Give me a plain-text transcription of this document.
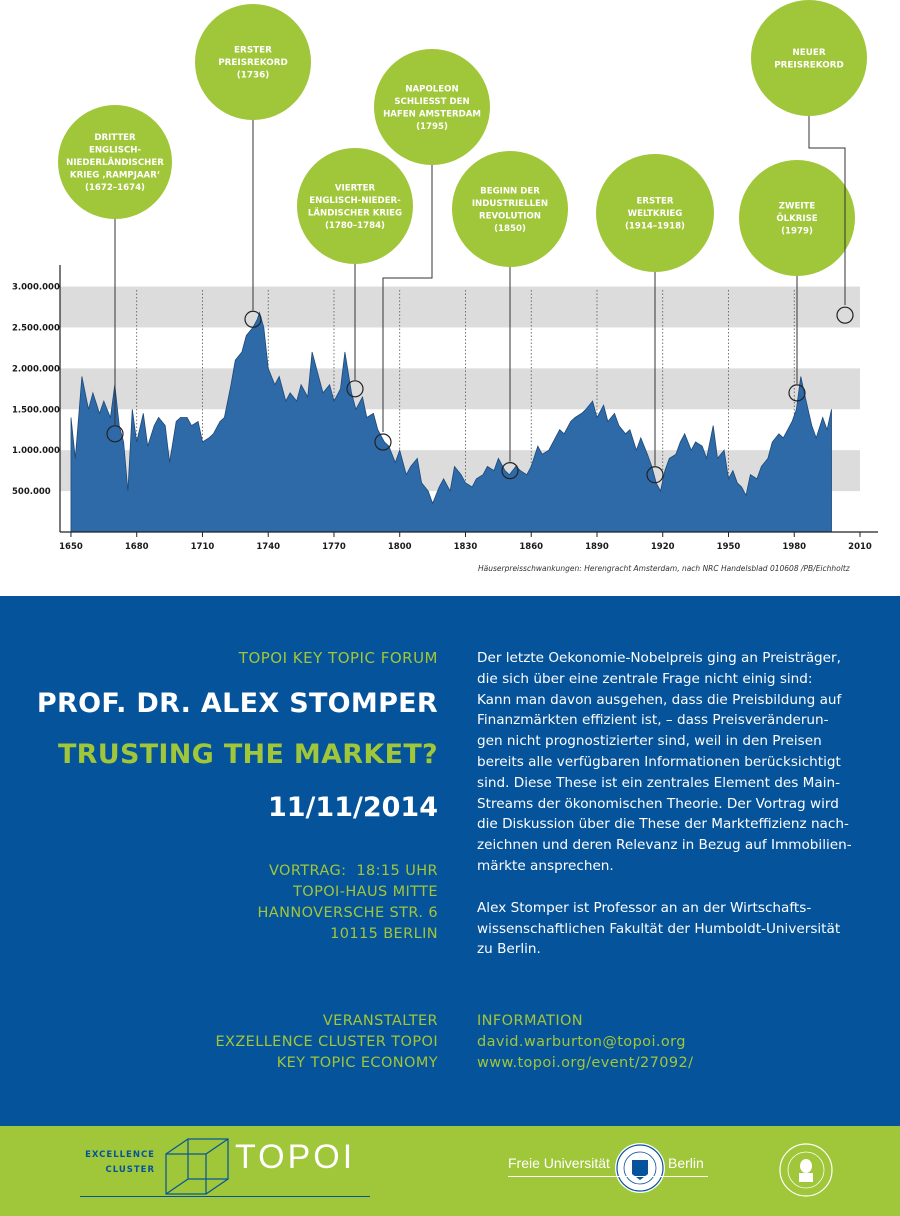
3.000.000
2.500.000
2.000.000
1.500.000
1.000.000
500.000
1650	1680	1710	1740	1770	1800	1830	1860	1890	1920	1950	1980	2010
DRITTER
ENGLISCH-
NIEDERLÄNDISCHER
KRIEG ‚RAMPJAAR‘
(1672–1674)
ERSTER
PREISREKORD
(1736)
VIERTER
ENGLISCH-NIEDER-
LÄNDISCHER KRIEG
(1780–1784)
NAPOLEON
SCHLIESST DEN
HAFEN AMSTERDAM
(1795)
BEGINN DER
INDUSTRIELLEN
REVOLUTION
(1850)
ERSTER
WELTKRIEG
(1914–1918)
ZWEITE
ÖLKRISE
(1979)
NEUER
PREISREKORD
Häuserpreisschwankungen: Herengracht Amsterdam, nach NRC Handelsblad 010608 /PB/Eichholtz
TOPOI KEY TOPIC FORUM
PROF. DR. ALEX STOMPER
TRUSTING THE MARKET?
11/11/2014
VORTRAG:  18:15 UHR
TOPOI-HAUS MITTE
HANNOVERSCHE STR. 6
10115 BERLIN
VERANSTALTER
EXZELLENCE CLUSTER TOPOI
KEY TOPIC ECONOMY

Der letzte Oekonomie-Nobelpreis ging an Preisträger,
die sich über eine zentrale Frage nicht einig sind:
Kann man davon ausgehen, dass die Preisbildung auf
Finanzmärkten effizient ist, – dass Preisveränderun-
gen nicht prognostizierter sind, weil in den Preisen
bereits alle verfügbaren Informationen berücksichtigt
sind. Diese These ist ein zentrales Element des Main-
Streams der ökonomischen Theorie. Der Vortrag wird
die Diskussion über die These der Markteffizienz nach-
zeichnen und deren Relevanz in Bezug auf Immobilien-
märkte ansprechen.

Alex Stomper ist Professor an an der Wirtschafts-
wissenschaftlichen Fakultät der Humboldt-Universität
zu Berlin.

INFORMATION
david.warburton@topoi.org
www.topoi.org/event/27092/
EXCELLENCE
CLUSTER TOPOI	Freie Universität	Berlin
